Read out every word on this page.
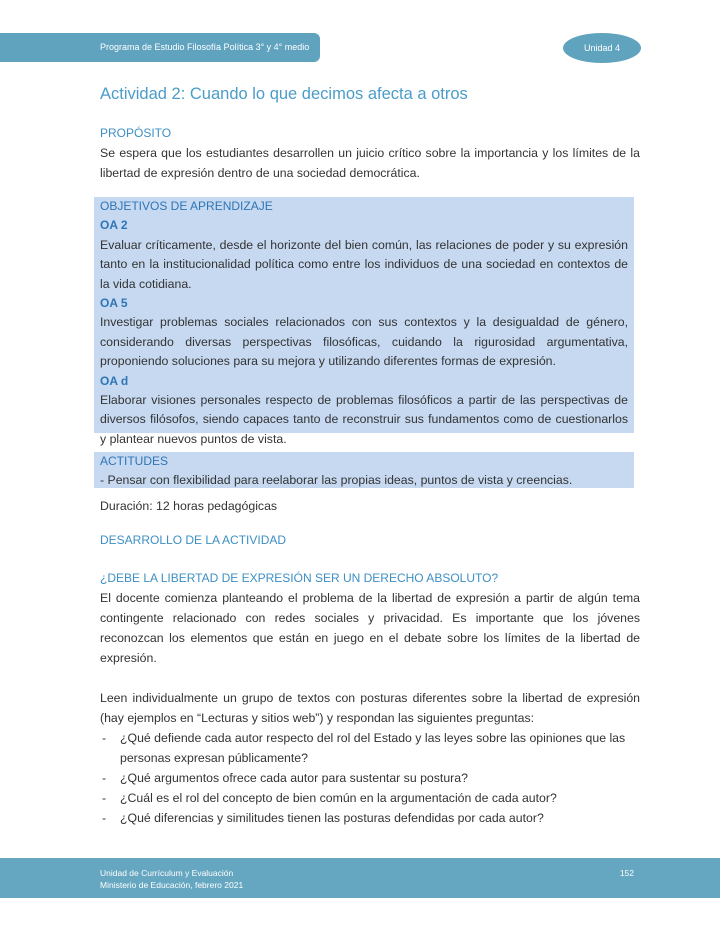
Programa de Estudio Filosofía Política 3° y 4° medio	Unidad 4
Actividad 2: Cuando lo que decimos afecta a otros
PROPÓSITO
Se espera que los estudiantes desarrollen un juicio crítico sobre la importancia y los límites de la libertad de expresión dentro de una sociedad democrática.
OBJETIVOS DE APRENDIZAJE
OA 2
Evaluar críticamente, desde el horizonte del bien común, las relaciones de poder y su expresión tanto en la institucionalidad política como entre los individuos de una sociedad en contextos de la vida cotidiana.
OA 5
Investigar problemas sociales relacionados con sus contextos y la desigualdad de género, considerando diversas perspectivas filosóficas, cuidando la rigurosidad argumentativa, proponiendo soluciones para su mejora y utilizando diferentes formas de expresión.
OA d
Elaborar visiones personales respecto de problemas filosóficos a partir de las perspectivas de diversos filósofos, siendo capaces tanto de reconstruir sus fundamentos como de cuestionarlos y plantear nuevos puntos de vista.
ACTITUDES
- Pensar con flexibilidad para reelaborar las propias ideas, puntos de vista y creencias.
Duración: 12 horas pedagógicas
DESARROLLO DE LA ACTIVIDAD
¿DEBE LA LIBERTAD DE EXPRESIÓN SER UN DERECHO ABSOLUTO?
El docente comienza planteando el problema de la libertad de expresión a partir de algún tema contingente relacionado con redes sociales y privacidad. Es importante que los jóvenes reconozcan los elementos que están en juego en el debate sobre los límites de la libertad de expresión.
Leen individualmente un grupo de textos con posturas diferentes sobre la libertad de expresión (hay ejemplos en “Lecturas y sitios web”) y respondan las siguientes preguntas:
- ¿Qué defiende cada autor respecto del rol del Estado y las leyes sobre las opiniones que las personas expresan públicamente?
- ¿Qué argumentos ofrece cada autor para sustentar su postura?
- ¿Cuál es el rol del concepto de bien común en la argumentación de cada autor?
- ¿Qué diferencias y similitudes tienen las posturas defendidas por cada autor?
Unidad de Currículum y Evaluación
Ministerio de Educación, febrero 2021
152
